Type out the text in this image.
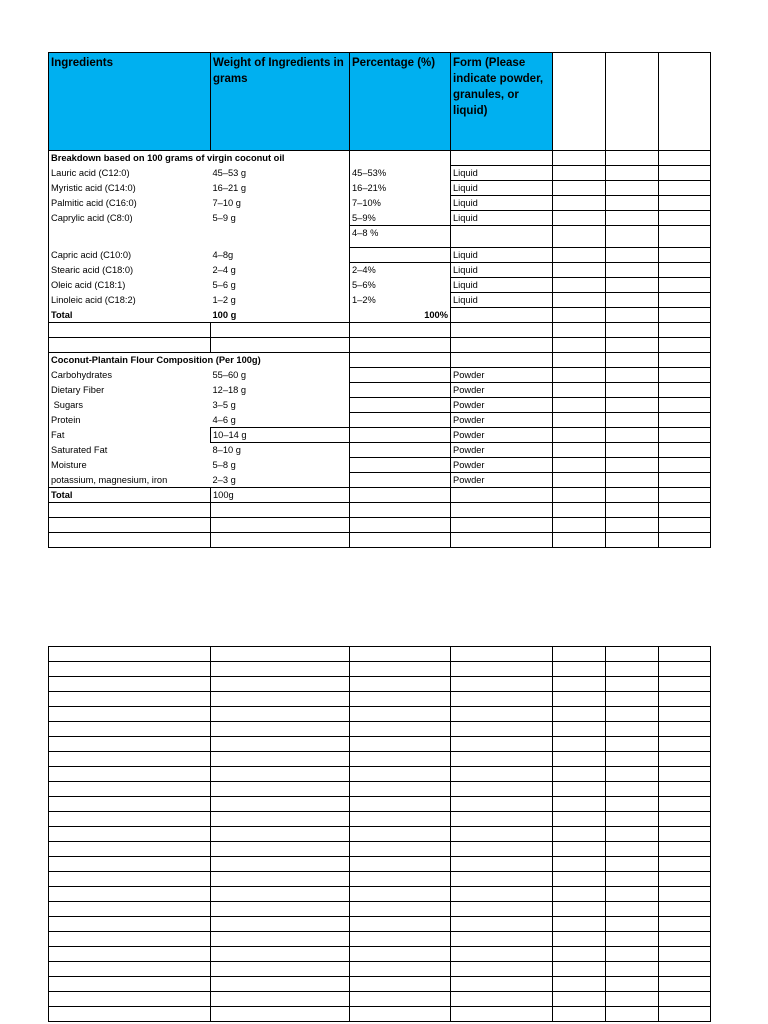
Ingredients	Weight of Ingredients in grams	Percentage (%)	Form (Please indicate powder, granules, or liquid)			
Breakdown based on 100 grams of virgin coconut oil						
Lauric acid (C12:0)	45–53 g	45–53%	Liquid			
Myristic acid (C14:0)	16–21 g	16–21%	Liquid			
Palmitic acid (C16:0)	7–10 g	7–10%	Liquid			
Caprylic acid (C8:0)	5–9 g	5–9%	Liquid			
		4–8 %				
Capric acid (C10:0)	4–8g		Liquid			
Stearic acid (C18:0)	2–4 g	2–4%	Liquid			
Oleic acid (C18:1)	5–6 g	5–6%	Liquid			
Linoleic acid (C18:2)	1–2 g	1–2%	Liquid			
Total	100 g	100%				

Coconut-Plantain Flour Composition (Per 100g)						
Carbohydrates	55–60 g		Powder			
Dietary Fiber	12–18 g		Powder			
Sugars	3–5 g		Powder			
Protein	4–6 g		Powder			
Fat	10–14 g		Powder			
Saturated Fat	8–10 g		Powder			
Moisture	5–8 g		Powder			
potassium, magnesium, iron	2–3 g		Powder			
Total	100g					
